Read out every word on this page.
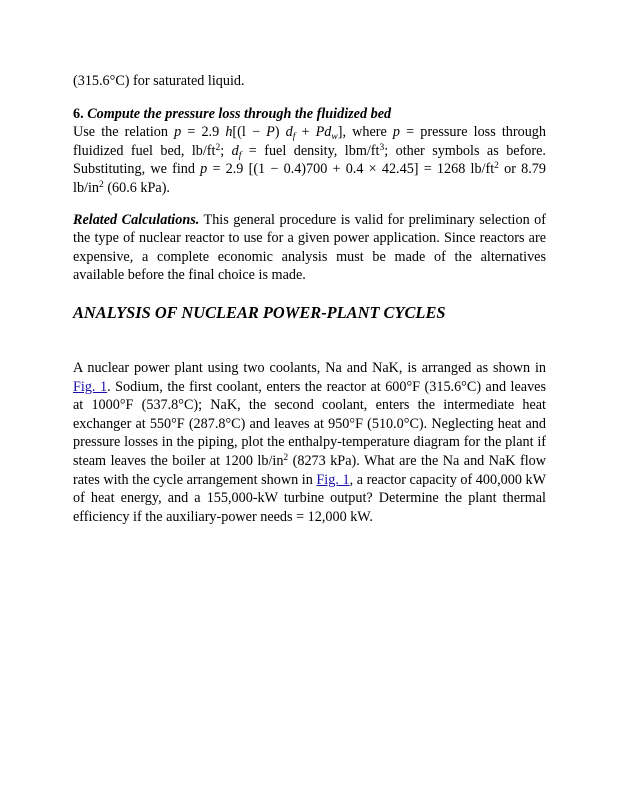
(315.6°C) for saturated liquid.

6. Compute the pressure loss through the fluidized bed

Use the relation p = 2.9 h[(l − P) $d_f + Pd_w$], where p = pressure loss through fluidized fuel bed, $lb/ft^2$; $d_f$ = fuel density, lbm/$ft^3$; other symbols as before. Substituting, we find p = 2.9 [(1 − 0.4)700 + 0.4 × 42.45] = 1268 $lb/ft^2$ or 8.79 $lb/in^2$ (60.6 kPa).

Related Calculations. This general procedure is valid for preliminary selection of the type of nuclear reactor to use for a given power application. Since reactors are expensive, a complete economic analysis must be made of the alternatives available before the final choice is made.

ANALYSIS OF NUCLEAR POWER-PLANT CYCLES

A nuclear power plant using two coolants, Na and NaK, is arranged as shown in Fig. 1. Sodium, the first coolant, enters the reactor at 600°F (315.6°C) and leaves at 1000°F (537.8°C); NaK, the second coolant, enters the intermediate heat exchanger at 550°F (287.8°C) and leaves at 950°F (510.0°C). Neglecting heat and pressure losses in the piping, plot the enthalpy-temperature diagram for the plant if steam leaves the boiler at 1200 $lb/in^2$ (8273 kPa). What are the Na and NaK flow rates with the cycle arrangement shown in Fig. 1, a reactor capacity of 400,000 kW of heat energy, and a 155,000-kW turbine output? Determine the plant thermal efficiency if the auxiliary-power needs = 12,000 kW.
